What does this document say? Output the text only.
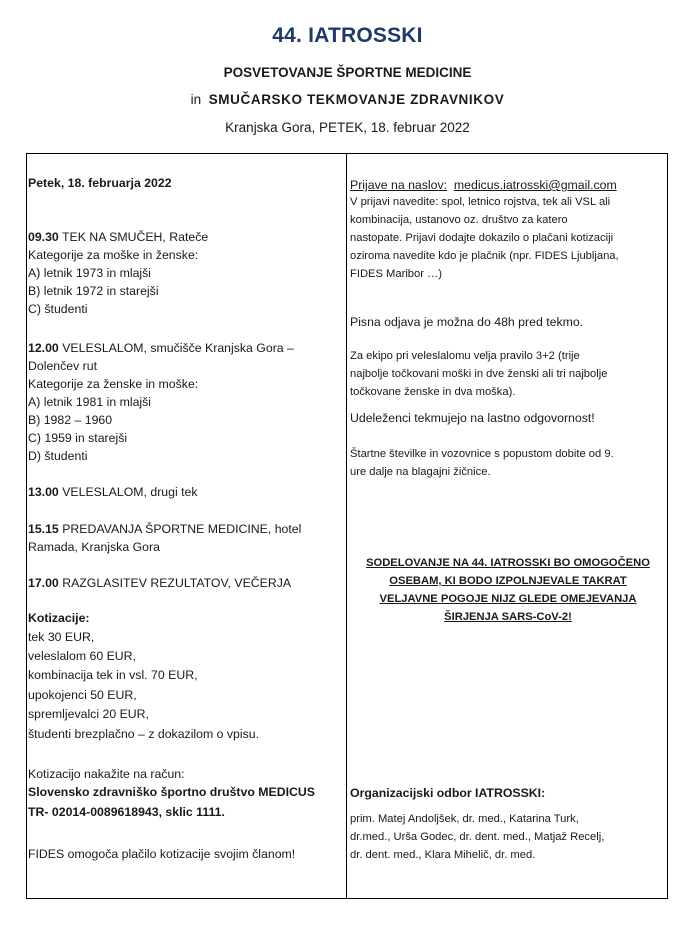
44. IATROSSKI
POSVETOVANJE ŠPORTNE MEDICINE
in SMUČARSKO TEKMOVANJE ZDRAVNIKOV
Kranjska Gora, PETEK, 18. februar 2022
Petek, 18. februarja 2022
09.30 TEK NA SMUČEH, Rateče
Kategorije za moške in ženske:
A) letnik 1973 in mlajši
B) letnik 1972 in starejši
C) študenti
12.00 VELESLALOM, smučišče Kranjska Gora –
Dolenčev rut
Kategorije za ženske in moške:
A) letnik 1981 in mlajši
B) 1982 – 1960
C) 1959 in starejši
D) študenti
13.00 VELESLALOM, drugi tek
15.15 PREDAVANJA ŠPORTNE MEDICINE, hotel
Ramada, Kranjska Gora
17.00 RAZGLASITEV REZULTATOV, VEČERJA
Kotizacije:
tek 30 EUR,
veleslalom 60 EUR,
kombinacija tek in vsl. 70 EUR,
upokojenci 50 EUR,
spremljevalci 20 EUR,
študenti brezplačno – z dokazilom o vpisu.
Kotizacijo nakažite na račun:
Slovensko zdravniško športno društvo MEDICUS
TR- 02014-0089618943, sklic 1111.
FIDES omogoča plačilo kotizacije svojim članom!
Prijave na naslov: medicus.iatrosski@gmail.com
V prijavi navedite: spol, letnico rojstva, tek ali VSL ali
kombinacija, ustanovo oz. društvo za katero
nastopate. Prijavi dodajte dokazilo o plačani kotizaciji
oziroma navedite kdo je plačnik (npr. FIDES Ljubljana,
FIDES Maribor …)
Pisna odjava je možna do 48h pred tekmo.
Za ekipo pri veleslalomu velja pravilo 3+2 (trije
najbolje točkovani moški in dve ženski ali tri najbolje
točkovane ženske in dva moška).
Udeleženci tekmujejo na lastno odgovornost!
Štartne številke in vozovnice s popustom dobite od 9.
ure dalje na blagajni žičnice.
SODELOVANJE NA 44. IATROSSKI BO OMOGOČENO
OSEBAM, KI BODO IZPOLNJEVALE TAKRAT
VELJAVNE POGOJE NIJZ GLEDE OMEJEVANJA
ŠIRJENJA SARS-CoV-2!
Organizacijski odbor IATROSSKI:
prim. Matej Andoljšek, dr. med., Katarina Turk,
dr.med., Urša Godec, dr. dent. med., Matjaž Recelj,
dr. dent. med., Klara Mihelič, dr. med.
